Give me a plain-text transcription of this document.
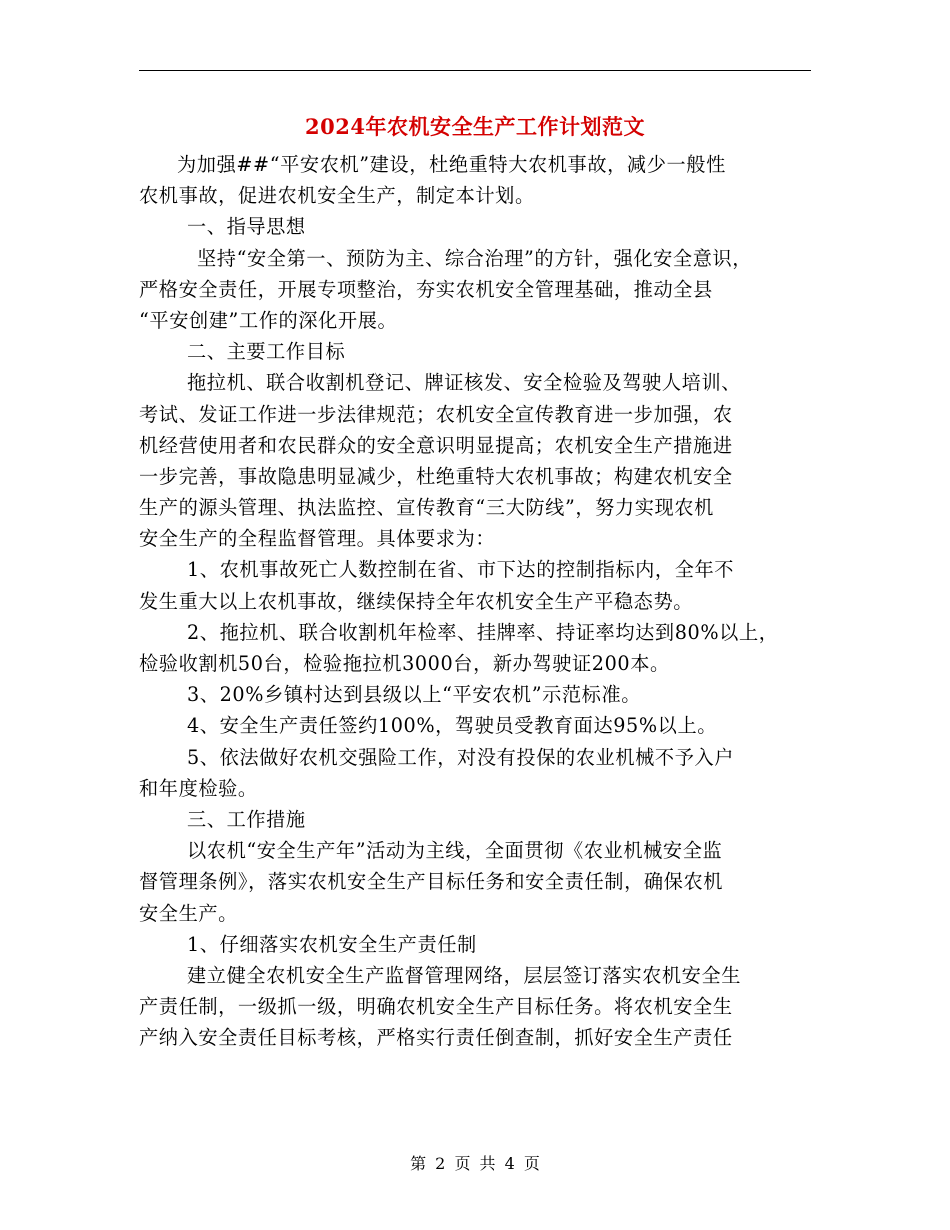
2024年农机安全生产工作计划范文
为加强##“平安农机”建设，杜绝重特大农机事故，减少一般性
农机事故，促进农机安全生产，制定本计划。
一、指导思想
坚持“安全第一、预防为主、综合治理”的方针，强化安全意识，
严格安全责任，开展专项整治，夯实农机安全管理基础，推动全县
“平安创建”工作的深化开展。
二、主要工作目标
拖拉机、联合收割机登记、牌证核发、安全检验及驾驶人培训、
考试、发证工作进一步法律规范；农机安全宣传教育进一步加强，农
机经营使用者和农民群众的安全意识明显提高；农机安全生产措施进
一步完善，事故隐患明显减少，杜绝重特大农机事故；构建农机安全
生产的源头管理、执法监控、宣传教育“三大防线”，努力实现农机
安全生产的全程监督管理。具体要求为：
1、农机事故死亡人数控制在省、市下达的控制指标内，全年不
发生重大以上农机事故，继续保持全年农机安全生产平稳态势。
2、拖拉机、联合收割机年检率、挂牌率、持证率均达到80%以上，
检验收割机50台，检验拖拉机3000台，新办驾驶证200本。
3、20%乡镇村达到县级以上“平安农机”示范标准。
4、安全生产责任签约100%，驾驶员受教育面达95%以上。
5、依法做好农机交强险工作，对没有投保的农业机械不予入户
和年度检验。
三、工作措施
以农机“安全生产年”活动为主线，全面贯彻《农业机械安全监
督管理条例》，落实农机安全生产目标任务和安全责任制，确保农机
安全生产。
1、仔细落实农机安全生产责任制
建立健全农机安全生产监督管理网络，层层签订落实农机安全生
产责任制，一级抓一级，明确农机安全生产目标任务。将农机安全生
产纳入安全责任目标考核，严格实行责任倒查制，抓好安全生产责任
第 2 页 共 4 页
